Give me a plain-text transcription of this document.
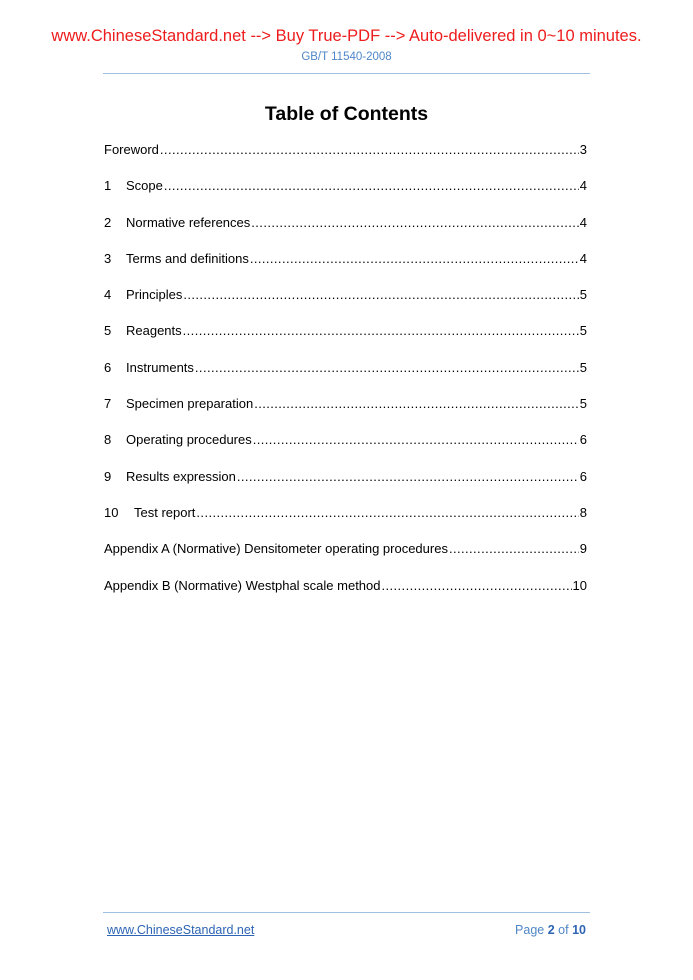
www.ChineseStandard.net --> Buy True-PDF --> Auto-delivered in 0~10 minutes.
GB/T 11540-2008
Table of Contents
Foreword .....	3
1	Scope .....	4
2	Normative references .....	4
3	Terms and definitions .....	4
4	Principles .....	5
5	Reagents .....	5
6	Instruments .....	5
7	Specimen preparation .....	5
8	Operating procedures .....	6
9	Results expression .....	6
10	Test report .....	8
Appendix A (Normative) Densitometer operating procedures .....	9
Appendix B (Normative) Westphal scale method .....	10
www.ChineseStandard.net	Page 2 of 10
